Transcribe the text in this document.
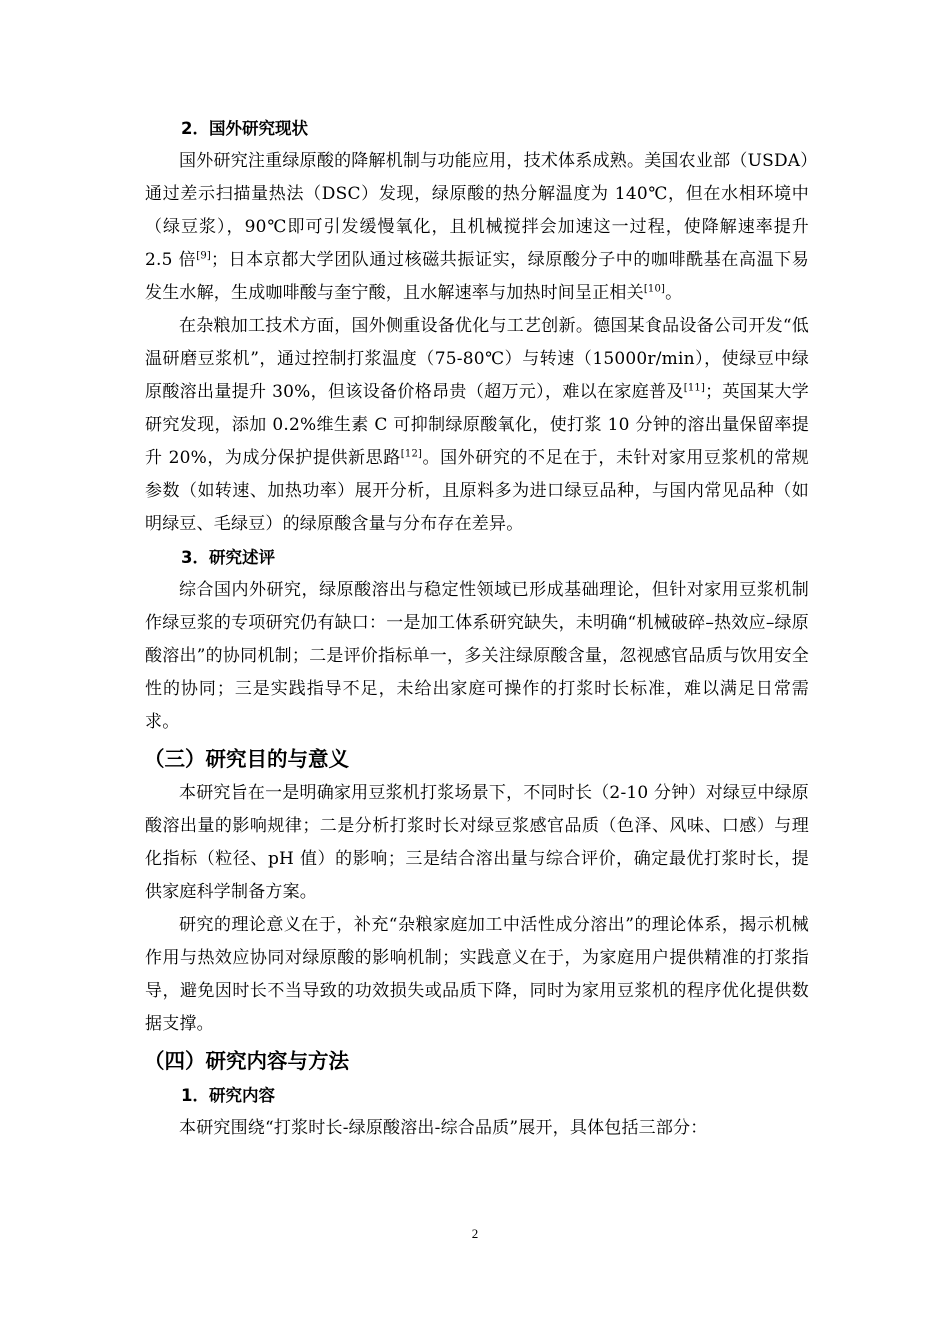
2．国外研究现状

国外研究注重绿原酸的降解机制与功能应用，技术体系成熟。美国农业部（USDA）通过差示扫描量热法（DSC）发现，绿原酸的热分解温度为 140℃，但在水相环境中（绿豆浆），90℃即可引发缓慢氧化，且机械搅拌会加速这一过程，使降解速率提升 2.5 倍[9]；日本京都大学团队通过核磁共振证实，绿原酸分子中的咖啡酰基在高温下易发生水解，生成咖啡酸与奎宁酸，且水解速率与加热时间呈正相关[10]。

在杂粮加工技术方面，国外侧重设备优化与工艺创新。德国某食品设备公司开发“低温研磨豆浆机”，通过控制打浆温度（75-80℃）与转速（15000r/min），使绿豆中绿原酸溶出量提升 30%，但该设备价格昂贵（超万元），难以在家庭普及[11]；英国某大学研究发现，添加 0.2%维生素 C 可抑制绿原酸氧化，使打浆 10 分钟的溶出量保留率提升 20%，为成分保护提供新思路[12]。国外研究的不足在于，未针对家用豆浆机的常规参数（如转速、加热功率）展开分析，且原料多为进口绿豆品种，与国内常见品种（如明绿豆、毛绿豆）的绿原酸含量与分布存在差异。

3．研究述评

综合国内外研究，绿原酸溶出与稳定性领域已形成基础理论，但针对家用豆浆机制作绿豆浆的专项研究仍有缺口：一是加工体系研究缺失，未明确“机械破碎–热效应–绿原酸溶出”的协同机制；二是评价指标单一，多关注绿原酸含量，忽视感官品质与饮用安全性的协同；三是实践指导不足，未给出家庭可操作的打浆时长标准，难以满足日常需求。

（三）研究目的与意义

本研究旨在一是明确家用豆浆机打浆场景下，不同时长（2-10 分钟）对绿豆中绿原酸溶出量的影响规律；二是分析打浆时长对绿豆浆感官品质（色泽、风味、口感）与理化指标（粒径、pH 值）的影响；三是结合溶出量与综合评价，确定最优打浆时长，提供家庭科学制备方案。

研究的理论意义在于，补充“杂粮家庭加工中活性成分溶出”的理论体系，揭示机械作用与热效应协同对绿原酸的影响机制；实践意义在于，为家庭用户提供精准的打浆指导，避免因时长不当导致的功效损失或品质下降，同时为家用豆浆机的程序优化提供数据支撑。

（四）研究内容与方法
1．研究内容

本研究围绕“打浆时长-绿原酸溶出-综合品质”展开，具体包括三部分：

2
